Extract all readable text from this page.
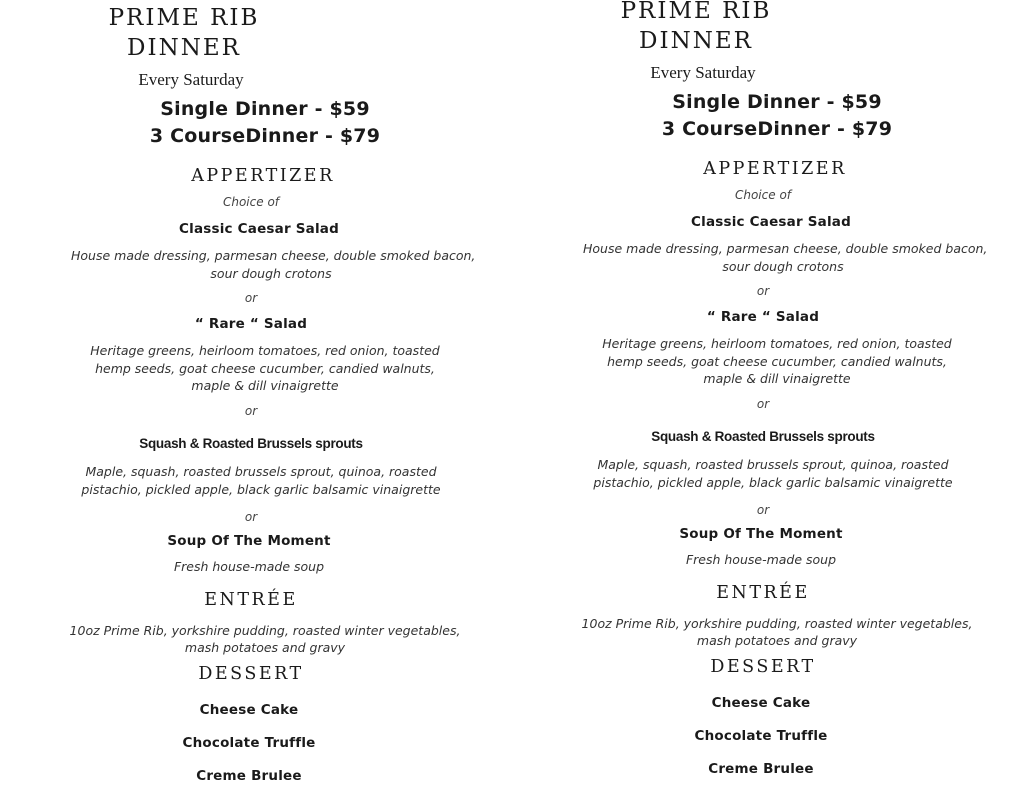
PRIME RIB
DINNER
Every Saturday
Single Dinner - $59
3 CourseDinner - $79
APPERTIZER
Choice of
Classic Caesar Salad
House made dressing, parmesan cheese, double smoked bacon,
sour dough crotons
or
“ Rare “ Salad
Heritage greens, heirloom tomatoes, red onion, toasted
hemp seeds, goat cheese cucumber, candied walnuts,
maple & dill vinaigrette
or
Squash & Roasted Brussels sprouts
Maple, squash, roasted brussels sprout, quinoa, roasted
pistachio, pickled apple, black garlic balsamic vinaigrette
or
Soup Of The Moment
Fresh house-made soup
ENTRÉE
10oz Prime Rib, yorkshire pudding, roasted winter vegetables,
mash potatoes and gravy
DESSERT
Cheese Cake
Chocolate Truffle
Creme Brulee
PRIME RIB
DINNER
Every Saturday
Single Dinner - $59
3 CourseDinner - $79
APPERTIZER
Choice of
Classic Caesar Salad
House made dressing, parmesan cheese, double smoked bacon,
sour dough crotons
or
“ Rare “ Salad
Heritage greens, heirloom tomatoes, red onion, toasted
hemp seeds, goat cheese cucumber, candied walnuts,
maple & dill vinaigrette
or
Squash & Roasted Brussels sprouts
Maple, squash, roasted brussels sprout, quinoa, roasted
pistachio, pickled apple, black garlic balsamic vinaigrette
or
Soup Of The Moment
Fresh house-made soup
ENTRÉE
10oz Prime Rib, yorkshire pudding, roasted winter vegetables,
mash potatoes and gravy
DESSERT
Cheese Cake
Chocolate Truffle
Creme Brulee
